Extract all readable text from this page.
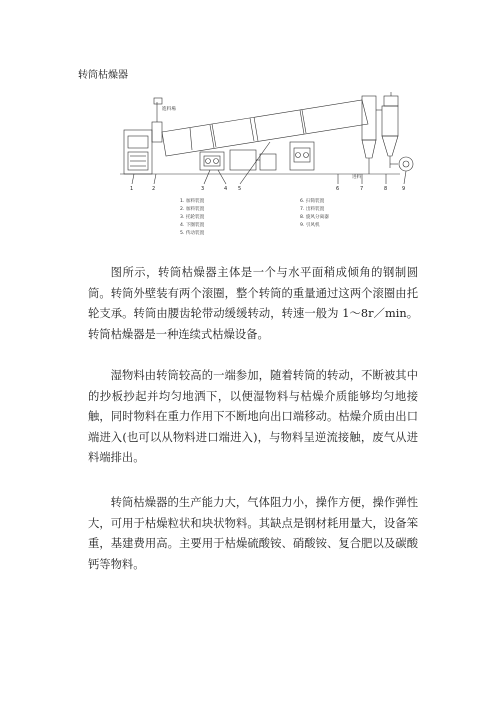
转筒枯燥器
進料場
1	2	3	4 5	6	7	8	9
进料
1. 加料装置
2. 加料装置
3. 托轮装置
4. 下圈装置
5. 传动装置
6. 扫筒装置
7. 出料装置
8. 旋风分离器
9. 引风机

图所示，转筒枯燥器主体是一个与水平面稍成倾角的钢制圆筒。转筒外壁装有两个滚圈，整个转筒的重量通过这两个滚圈由托轮支承。转筒由腰齿轮带动缓缓转动，转速一般为 1～8r／min。转筒枯燥器是一种连续式枯燥设备。

湿物料由转筒较高的一端参加，随着转筒的转动，不断被其中的抄板抄起并均匀地洒下，以便湿物料与枯燥介质能够均匀地接触，同时物料在重力作用下不断地向出口端移动。枯燥介质由出口端进入(也可以从物料进口端进入)，与物料呈逆流接触，废气从进料端排出。

转筒枯燥器的生产能力大，气体阻力小，操作方便，操作弹性大，可用于枯燥粒状和块状物料。其缺点是钢材耗用量大，设备笨重，基建费用高。主要用于枯燥硫酸铵、硝酸铵、复合肥以及碳酸钙等物料。
